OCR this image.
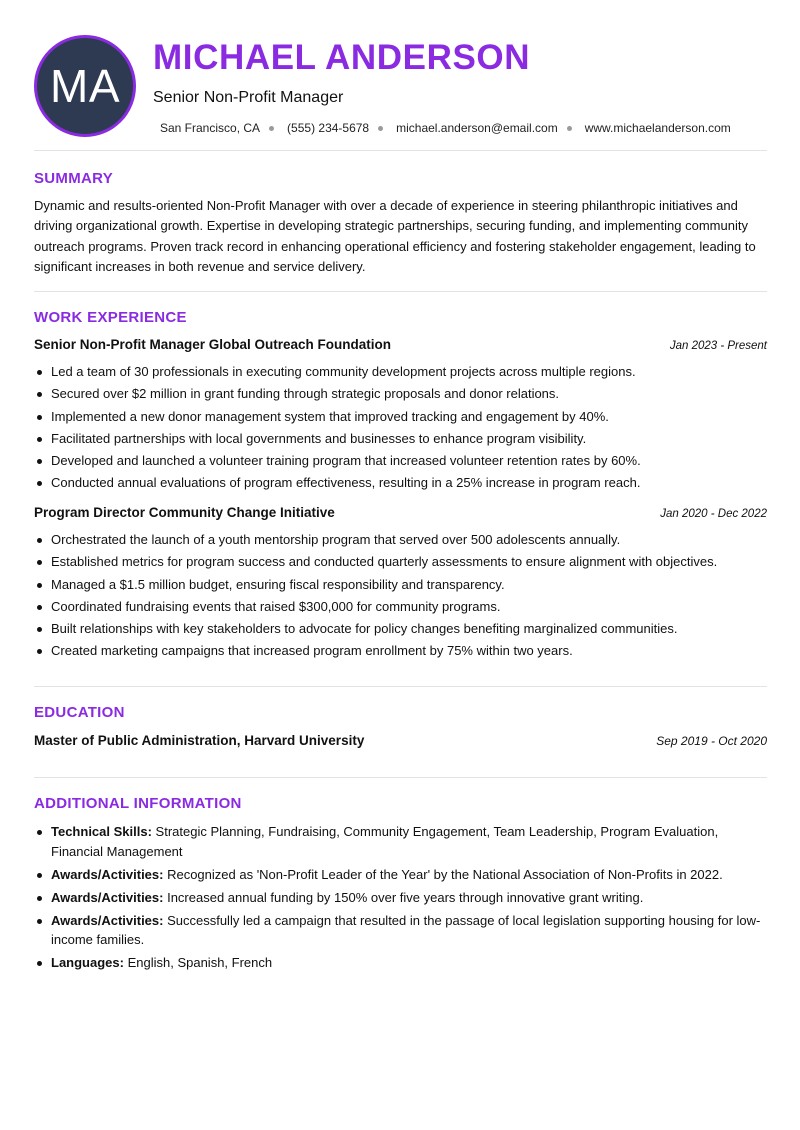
MA
MICHAEL ANDERSON
Senior Non-Profit Manager
San Francisco, CA (555) 234-5678 michael.anderson@email.com www.michaelanderson.com
SUMMARY
Dynamic and results-oriented Non-Profit Manager with over a decade of experience in steering philanthropic initiatives and driving organizational growth. Expertise in developing strategic partnerships, securing funding, and implementing community outreach programs. Proven track record in enhancing operational efficiency and fostering stakeholder engagement, leading to significant increases in both revenue and service delivery.
WORK EXPERIENCE
Senior Non-Profit Manager Global Outreach Foundation	Jan 2023 - Present
Led a team of 30 professionals in executing community development projects across multiple regions.
Secured over $2 million in grant funding through strategic proposals and donor relations.
Implemented a new donor management system that improved tracking and engagement by 40%.
Facilitated partnerships with local governments and businesses to enhance program visibility.
Developed and launched a volunteer training program that increased volunteer retention rates by 60%.
Conducted annual evaluations of program effectiveness, resulting in a 25% increase in program reach.
Program Director Community Change Initiative	Jan 2020 - Dec 2022
Orchestrated the launch of a youth mentorship program that served over 500 adolescents annually.
Established metrics for program success and conducted quarterly assessments to ensure alignment with objectives.
Managed a $1.5 million budget, ensuring fiscal responsibility and transparency.
Coordinated fundraising events that raised $300,000 for community programs.
Built relationships with key stakeholders to advocate for policy changes benefiting marginalized communities.
Created marketing campaigns that increased program enrollment by 75% within two years.
EDUCATION
Master of Public Administration, Harvard University	Sep 2019 - Oct 2020
ADDITIONAL INFORMATION
Technical Skills: Strategic Planning, Fundraising, Community Engagement, Team Leadership, Program Evaluation, Financial Management
Awards/Activities: Recognized as 'Non-Profit Leader of the Year' by the National Association of Non-Profits in 2022.
Awards/Activities: Increased annual funding by 150% over five years through innovative grant writing.
Awards/Activities: Successfully led a campaign that resulted in the passage of local legislation supporting housing for low-income families.
Languages: English, Spanish, French
